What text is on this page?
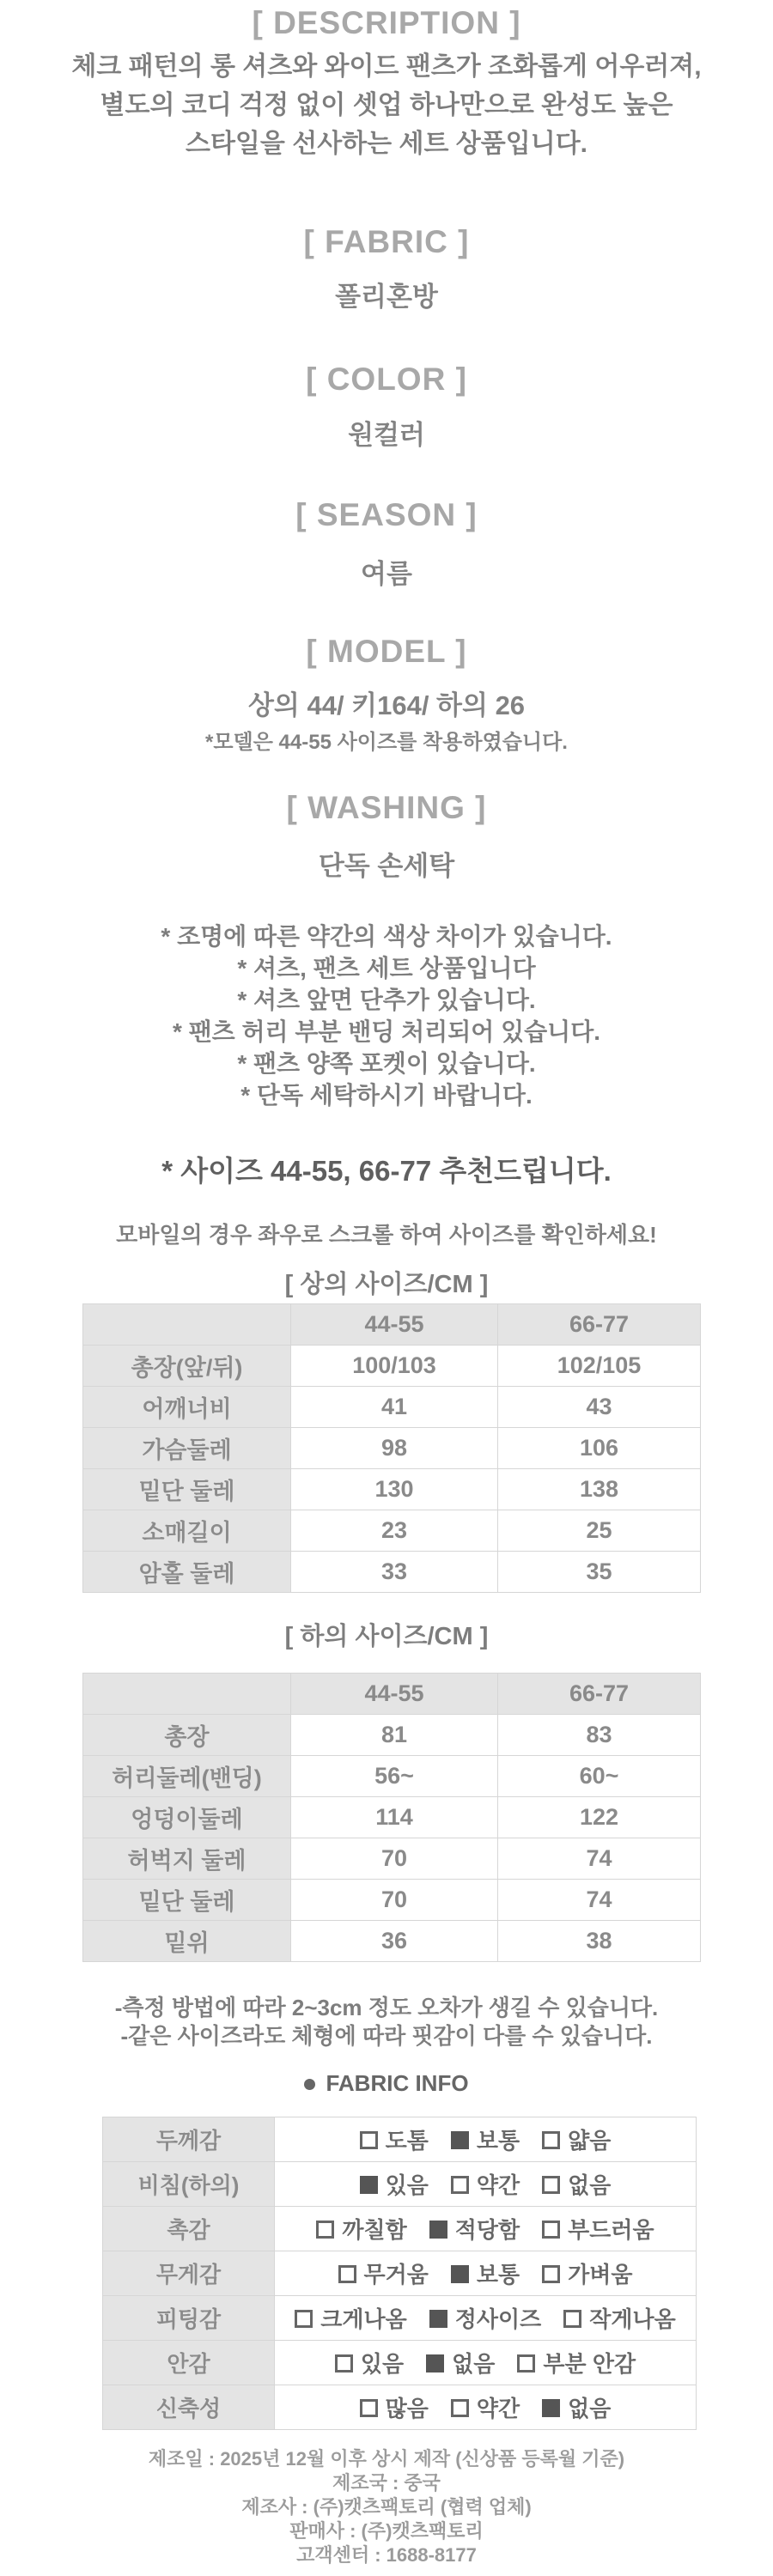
[ DESCRIPTION ]
체크 패턴의 롱 셔츠와 와이드 팬츠가 조화롭게 어우러져,
별도의 코디 걱정 없이 셋업 하나만으로 완성도 높은
스타일을 선사하는 세트 상품입니다.
[ FABRIC ]
폴리혼방
[ COLOR ]
원컬러
[ SEASON ]
여름
[ MODEL ]
상의 44/ 키164/ 하의 26
*모델은 44-55 사이즈를 착용하였습니다.
[ WASHING ]
단독 손세탁
* 조명에 따른 약간의 색상 차이가 있습니다.
* 셔츠, 팬츠 세트 상품입니다
* 셔츠 앞면 단추가 있습니다.
* 팬츠 허리 부분 밴딩 처리되어 있습니다.
* 팬츠 양쪽 포켓이 있습니다.
* 단독 세탁하시기 바랍니다.
* 사이즈 44-55, 66-77 추천드립니다.
모바일의 경우 좌우로 스크롤 하여 사이즈를 확인하세요!
[ 상의 사이즈/CM ]
	44-55	66-77
총장(앞/뒤)	100/103	102/105
어깨너비	41	43
가슴둘레	98	106
밑단 둘레	130	138
소매길이	23	25
암홀 둘레	33	35
[ 하의 사이즈/CM ]
	44-55	66-77
총장	81	83
허리둘레(밴딩)	56~	60~
엉덩이둘레	114	122
허벅지 둘레	70	74
밑단 둘레	70	74
밑위	36	38
-측정 방법에 따라 2~3cm 정도 오차가 생길 수 있습니다.
-같은 사이즈라도 체형에 따라 핏감이 다를 수 있습니다.
FABRIC INFO
두께감	도톰 보통 얇음
비침(하의)	있음 약간 없음
촉감	까칠함 적당함 부드러움
무게감	무거움 보통 가벼움
피팅감	크게나옴 정사이즈 작게나옴
안감	있음 없음 부분 안감
신축성	많음 약간 없음
제조일 : 2025년 12월 이후 상시 제작 (신상품 등록월 기준)
제조국 : 중국
제조사 : (주)캣츠팩토리 (협력 업체)
판매사 : (주)캣츠팩토리
고객센터 : 1688-8177
